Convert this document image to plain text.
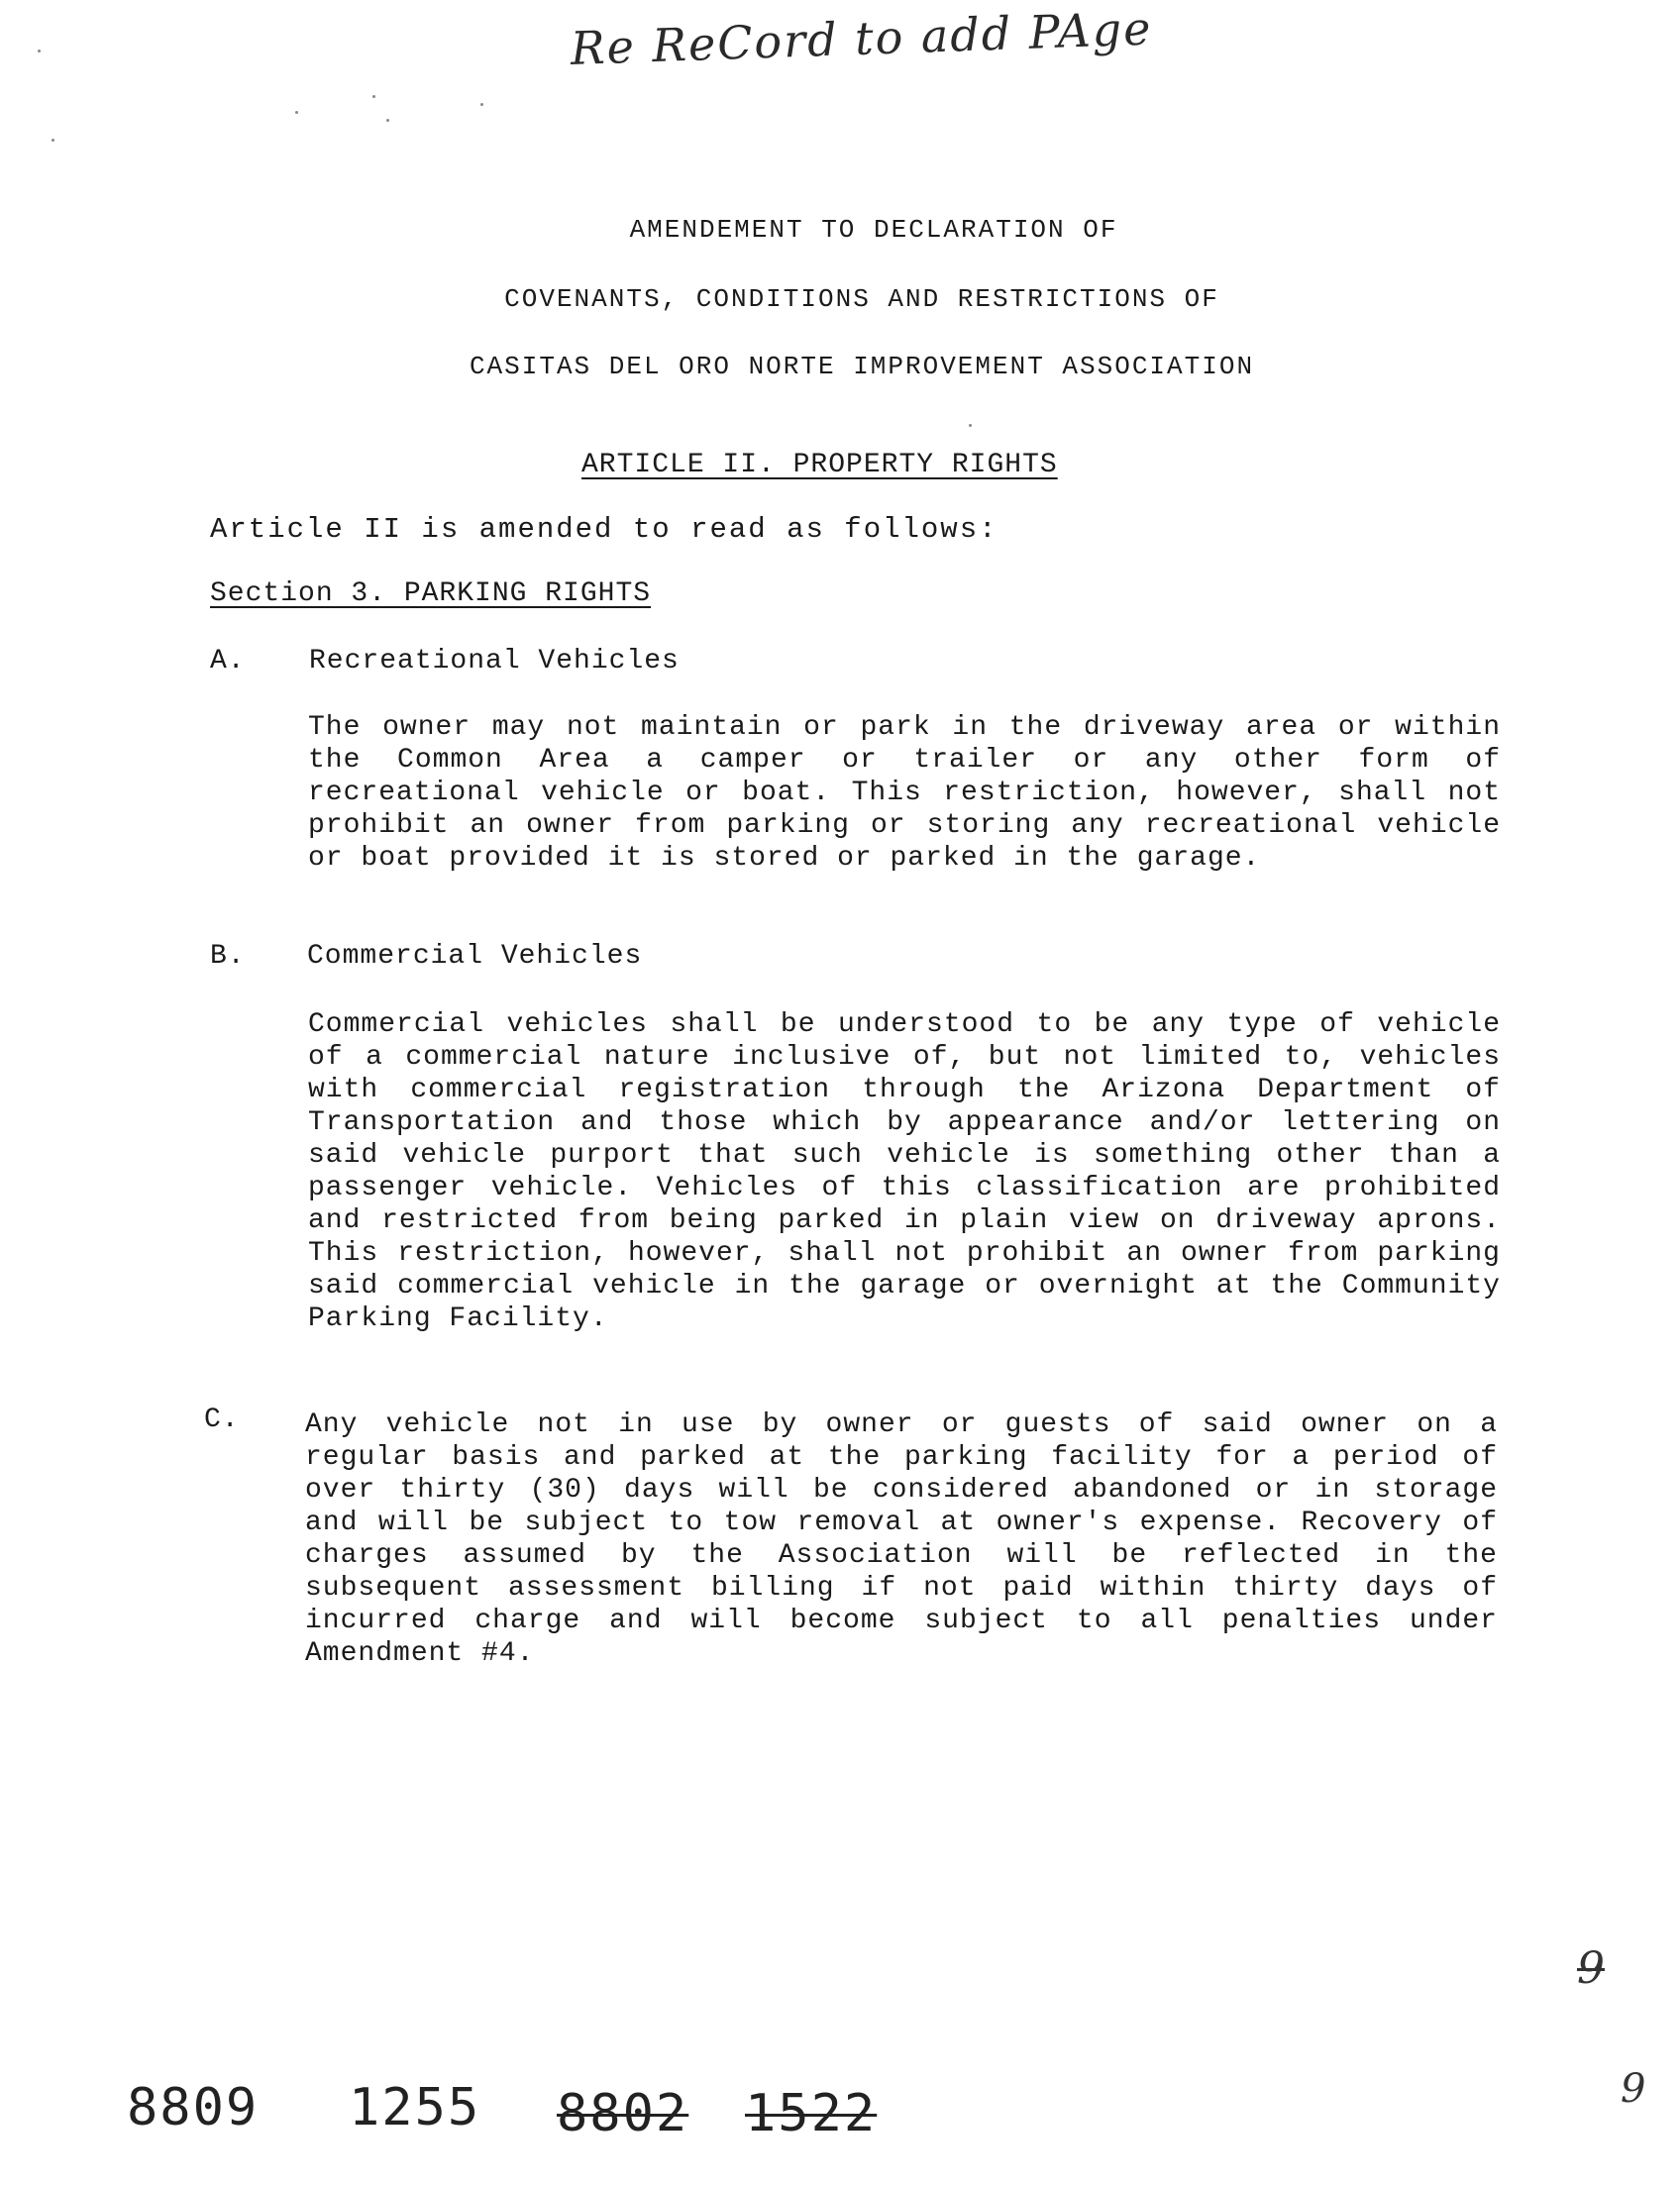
Re ReCord to add PAge
AMENDEMENT TO DECLARATION OF
COVENANTS, CONDITIONS AND RESTRICTIONS OF
CASITAS DEL ORO NORTE IMPROVEMENT ASSOCIATION
ARTICLE II. PROPERTY RIGHTS
Article II is amended to read as follows:
Section 3. PARKING RIGHTS
A. Recreational Vehicles

The owner may not maintain or park in the driveway area or within the Common Area a camper or trailer or any other form of recreational vehicle or boat. This restriction, however, shall not prohibit an owner from parking or storing any recreational vehicle or boat provided it is stored or parked in the garage.

B. Commercial Vehicles

Commercial vehicles shall be understood to be any type of vehicle of a commercial nature inclusive of, but not limited to, vehicles with commercial registration through the Arizona Department of Transportation and those which by appearance and/or lettering on said vehicle purport that such vehicle is something other than a passenger vehicle. Vehicles of this classification are prohibited and restricted from being parked in plain view on driveway aprons. This restriction, however, shall not prohibit an owner from parking said commercial vehicle in the garage or overnight at the Community Parking Facility.

C. Any vehicle not in use by owner or guests of said owner on a regular basis and parked at the parking facility for a period of over thirty (30) days will be considered abandoned or in storage and will be subject to tow removal at owner's expense. Recovery of charges assumed by the Association will be reflected in the subsequent assessment billing if not paid within thirty days of incurred charge and will become subject to all penalties under Amendment #4.

8809 1255 8802 1522
9
9
